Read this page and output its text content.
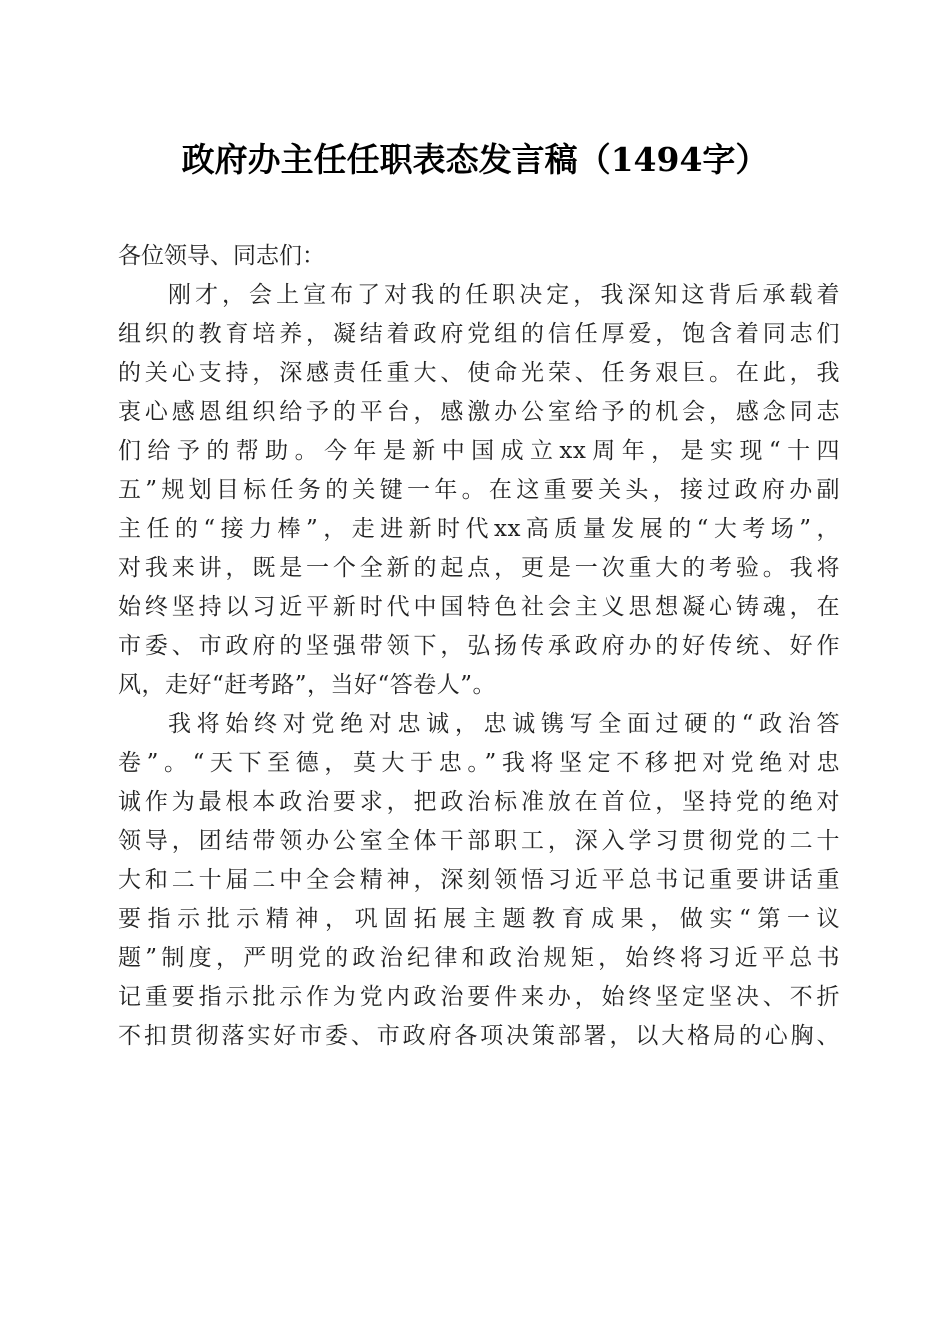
政府办主任任职表态发言稿（1494字）
各位领导、同志们：
刚才，会上宣布了对我的任职决定，我深知这背后承载着
组织的教育培养，凝结着政府党组的信任厚爱，饱含着同志们
的关心支持，深感责任重大、使命光荣、任务艰巨。在此，我
衷心感恩组织给予的平台，感激办公室给予的机会，感念同志
们给予的帮助。今年是新中国成立xx周年，是实现“十四
五”规划目标任务的关键一年。在这重要关头，接过政府办副
主任的“接力棒”，走进新时代xx高质量发展的“大考场”，
对我来讲，既是一个全新的起点，更是一次重大的考验。我将
始终坚持以习近平新时代中国特色社会主义思想凝心铸魂，在
市委、市政府的坚强带领下，弘扬传承政府办的好传统、好作
风，走好“赶考路”，当好“答卷人”。
我将始终对党绝对忠诚，忠诚镌写全面过硬的“政治答
卷”。“天下至德，莫大于忠。”我将坚定不移把对党绝对忠
诚作为最根本政治要求，把政治标准放在首位，坚持党的绝对
领导，团结带领办公室全体干部职工，深入学习贯彻党的二十
大和二十届二中全会精神，深刻领悟习近平总书记重要讲话重
要指示批示精神，巩固拓展主题教育成果，做实“第一议
题”制度，严明党的政治纪律和政治规矩，始终将习近平总书
记重要指示批示作为党内政治要件来办，始终坚定坚决、不折
不扣贯彻落实好市委、市政府各项决策部署，以大格局的心胸、
